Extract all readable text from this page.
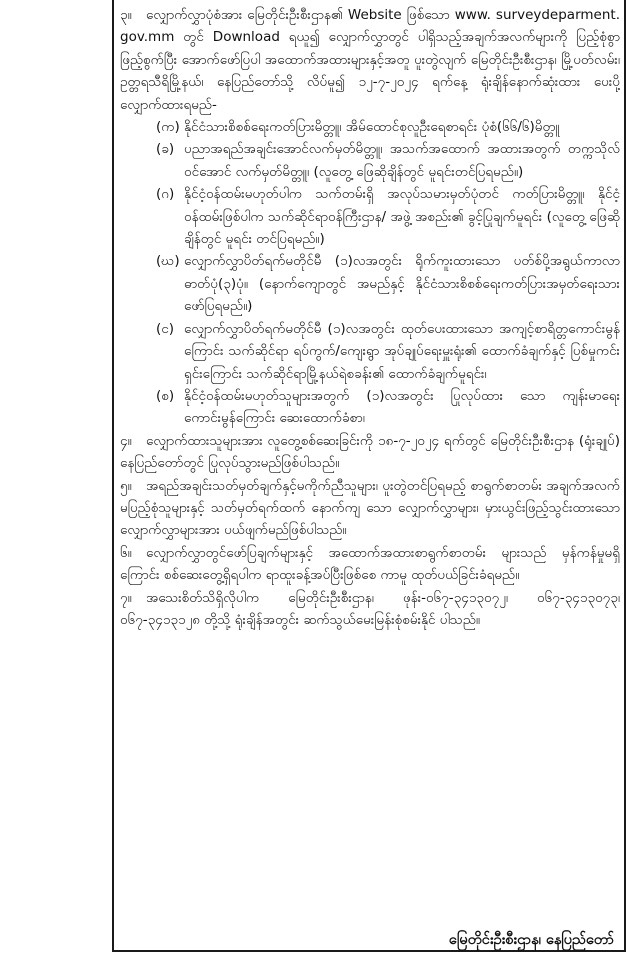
၃။ လျှောက်လွှာပုံစံအား မြေတိုင်းဦးစီးဌာန၏ Website ဖြစ်သော www. surveydeparment. gov.mm တွင် Download ရယူ၍ လျှောက်လွှာတွင် ပါရှိသည့်အချက်အလက်များကို ပြည့်စုံစွာ ဖြည့်စွက်ပြီး အောက်ဖော်ပြပါ အထောက်အထားများနှင့်အတူ ပူးတွဲလျက် မြေတိုင်းဦးစီးဌာန၊ မြို့ပတ်လမ်း၊ ဥတ္တရသီရိမြို့နယ်၊ နေပြည်တော်သို့ လိပ်မူ၍ ၁၂-၇-၂၀၂၄ ရက်နေ့ ရုံးချိန်နောက်ဆုံးထား ပေးပို့လျှောက်ထားရမည်-

(က) နိုင်ငံသားစိစစ်ရေးကတ်ပြားမိတ္တူ၊ အိမ်ထောင်စုလူဦးရေစာရင်း ပုံစံ(၆၆/၆)မိတ္တူ
(ခ) ပညာအရည်အချင်းအောင်လက်မှတ်မိတ္တူ၊ အသက်အထောက် အထားအတွက် တက္ကသိုလ်ဝင်အောင် လက်မှတ်မိတ္တူ၊ (လူတွေ့ ဖြေဆိုချိန်တွင် မူရင်းတင်ပြရမည်။)
(ဂ) နိုင်ငံ့ဝန်ထမ်းမဟုတ်ပါက သက်တမ်းရှိ အလုပ်သမားမှတ်ပုံတင် ကတ်ပြားမိတ္တူ၊ နိုင်ငံ့ဝန်ထမ်းဖြစ်ပါက သက်ဆိုင်ရာဝန်ကြီးဌာန/ အဖွဲ့ အစည်း၏ ခွင့်ပြုချက်မူရင်း (လူတွေ့ ဖြေဆိုချိန်တွင် မူရင်း တင်ပြရမည်။)
(ဃ) လျှောက်လွှာပိတ်ရက်မတိုင်မီ (၁)လအတွင်း ရိုက်ကူးထားသော ပတ်စ်ပို့အရွယ်ကာလာ ဓာတ်ပုံ(၃)ပုံ။ (နောက်ကျောတွင် အမည်နှင့် နိုင်ငံသားစိစစ်ရေးကတ်ပြားအမှတ်ရေးသား ဖော်ပြရမည်။)
(င) လျှောက်လွှာပိတ်ရက်မတိုင်မီ (၁)လအတွင်း ထုတ်ပေးထားသော အကျင့်စာရိတ္တကောင်းမွန်ကြောင်း သက်ဆိုင်ရာ ရပ်ကွက်/ကျေးရွာ အုပ်ချုပ်ရေးမှူးရုံး၏ ထောက်ခံချက်နှင့် ပြစ်မှုကင်းရှင်းကြောင်း သက်ဆိုင်ရာမြို့နယ်ရဲစခန်း၏ ထောက်ခံချက်မူရင်း၊
(စ) နိုင်ငံ့ဝန်ထမ်းမဟုတ်သူများအတွက် (၁)လအတွင်း ပြုလုပ်ထား သော ကျန်းမာရေး ကောင်းမွန်ကြောင်း ဆေးထောက်ခံစာ၊

၄။ လျှောက်ထားသူများအား လူတွေ့စစ်ဆေးခြင်းကို ၁၈-၇-၂၀၂၄ ရက်တွင် မြေတိုင်းဦးစီးဌာန (ရုံးချုပ်) နေပြည်တော်တွင် ပြုလုပ်သွားမည်ဖြစ်ပါသည်။

၅။ အရည်အချင်းသတ်မှတ်ချက်နှင့်မကိုက်ညီသူများ၊ ပူးတွဲတင်ပြရမည့် စာရွက်စာတမ်း အချက်အလက် မပြည့်စုံသူများနှင့် သတ်မှတ်ရက်ထက် နောက်ကျ သော လျှောက်လွှာများ၊ မှားယွင်းဖြည့်သွင်းထားသော လျှောက်လွှာများအား ပယ်ဖျက်မည်ဖြစ်ပါသည်။

၆။ လျှောက်လွှာတွင်ဖော်ပြချက်များနှင့် အထောက်အထားစာရွက်စာတမ်း များသည် မှန်ကန်မှုမရှိကြောင်း စစ်ဆေးတွေ့ရှိရပါက ရာထူးခန့်အပ်ပြီးဖြစ်စေ ကာမူ ထုတ်ပယ်ခြင်းခံရမည်။

၇။ အသေးစိတ်သိရှိလိုပါက မြေတိုင်းဦးစီးဌာန၊ ဖုန်း-၀၆၇-၃၄၁၃၀၇၂၊ ၀၆၇-၃၄၁၃၀၇၃၊ ၀၆၇-၃၄၁၃၁၂၈ တို့သို့ ရုံးချိန်အတွင်း ဆက်သွယ်မေးမြန်းစုံစမ်းနိုင် ပါသည်။

မြေတိုင်းဦးစီးဌာန၊ နေပြည်တော်
